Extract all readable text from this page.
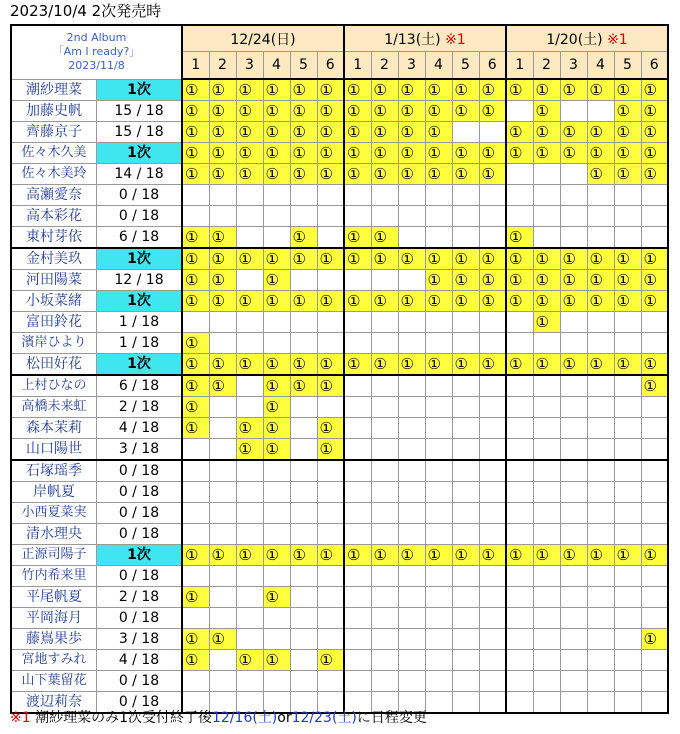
2023/10/4 2次発売時
2nd Album
「Am I ready?」
2023/11/8	12/24(日)						1/13(土) ※1						1/20(土) ※1					
	1	2	3	4	5	6	1	2	3	4	5	6	1	2	3	4	5	6

潮紗理菜 1次	①	①	①	①	①	①	①	①	①	①	①	①	①	①	①	①	①	①

加藤史帆 15 / 18	①	①	①	①	①	①	①	①	①	①	①	①		①			①	①

齊藤京子 15 / 18	①	①	①	①	①	①	①	①	①	①			①	①	①	①	①	①

佐々木久美 1次	①	①	①	①	①	①	①	①	①	①	①	①	①	①	①	①	①	①

佐々木美玲 14 / 18	①	①	①	①	①	①	①	①	①	①	①	①				①	①	①

高瀬愛奈 0 / 18																		

高本彩花 0 / 18																		

東村芽依 6 / 18	①	①			①		①	①					①					

金村美玖 1次	①	①	①	①	①	①	①	①	①	①	①	①	①	①	①	①	①	①

河田陽菜 12 / 18	①	①		①						①	①	①	①	①	①	①	①	①

小坂菜緒 1次	①	①	①	①	①	①	①	①	①	①	①	①	①	①	①	①	①	①

富田鈴花 1 / 18														①				

濱岸ひより 1 / 18	①																	

松田好花 1次	①	①	①	①	①	①	①	①	①	①	①	①	①	①	①	①	①	①

上村ひなの 6 / 18	①	①		①	①	①												①

高橋未来虹 2 / 18	①			①														

森本茉莉 4 / 18	①		①	①		①												

山口陽世 3 / 18			①	①		①												

石塚瑶季 0 / 18																		

岸帆夏 0 / 18																		

小西夏菜実 0 / 18																		

清水理央 0 / 18																		

正源司陽子 1次	①	①	①	①	①	①	①	①	①	①	①	①	①	①	①	①	①	①

竹内希来里 0 / 18																		

平尾帆夏 2 / 18	①			①														

平岡海月 0 / 18																		

藤嶌果歩 3 / 18	①	①																①

宮地すみれ 4 / 18	①		①	①		①												

山下葉留花 0 / 18																		

渡辺莉奈 0 / 18																		

※1 潮紗理菜のみ1次受付終了後12/16(土)or12/23(土)に日程変更
